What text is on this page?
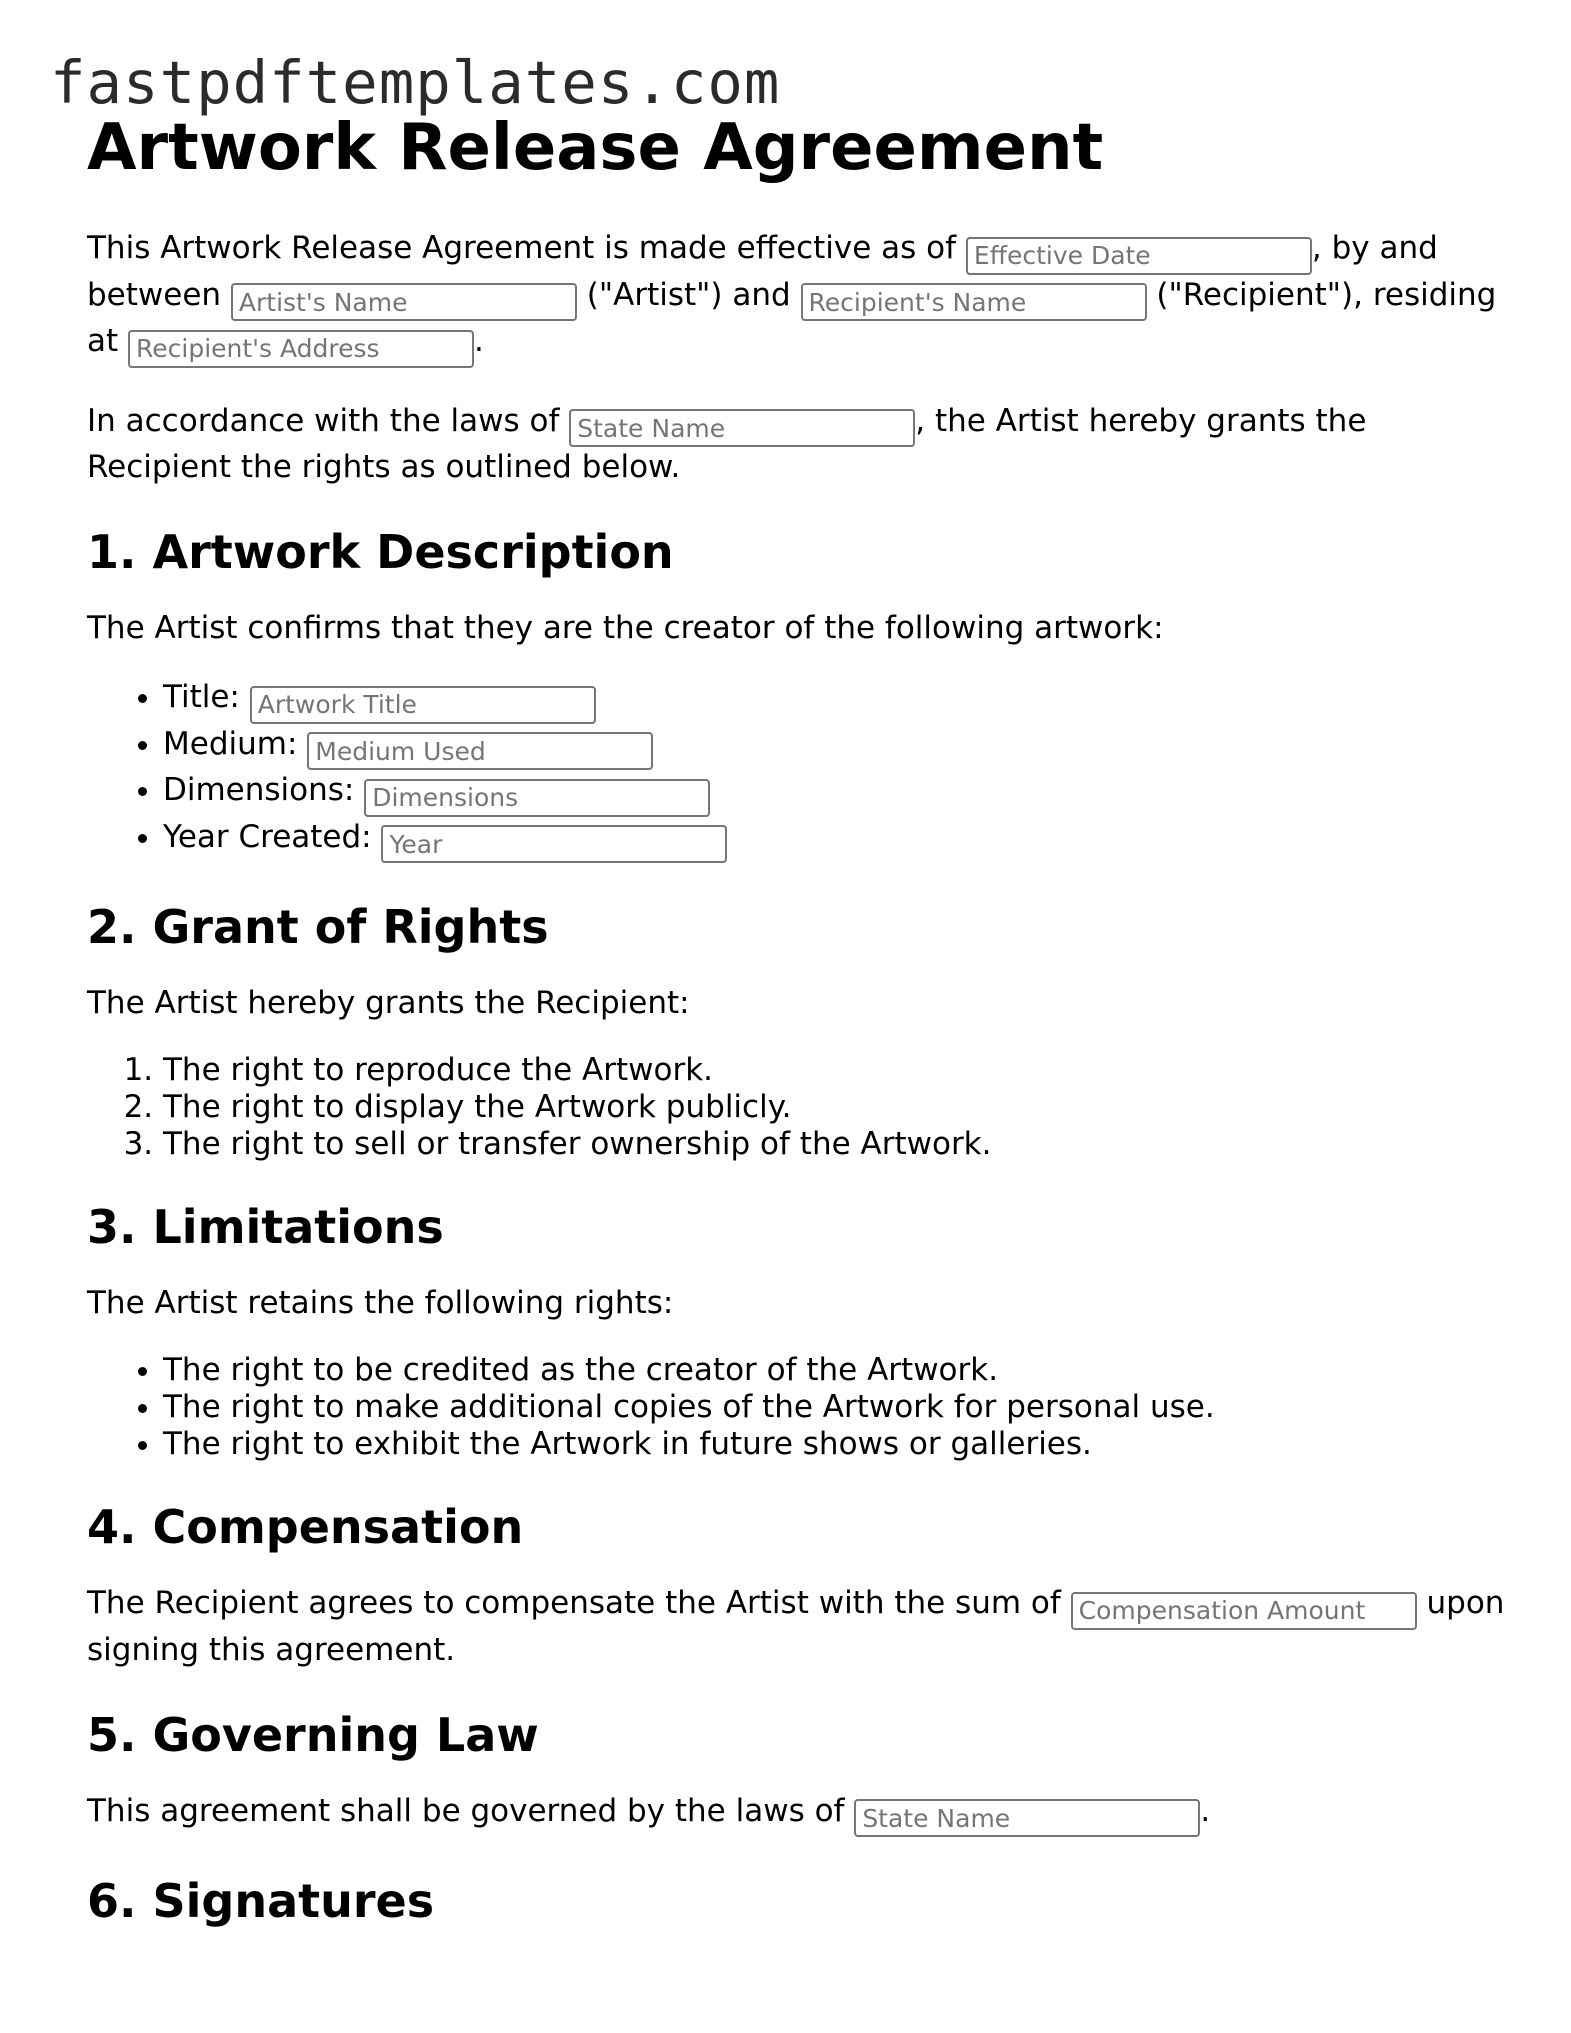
fastpdftemplates.com
Artwork Release Agreement

This Artwork Release Agreement is made effective as of Effective Date	, by and between Artist's Name	("Artist") and Recipient's Name	("Recipient"), residing at Recipient's Address	.

In accordance with the laws of State Name	, the Artist hereby grants the Recipient the rights as outlined below.

1. Artwork Description

The Artist confirms that they are the creator of the following artwork:

• Title: Artwork Title
• Medium: Medium Used
• Dimensions: Dimensions
• Year Created: Year
2. Grant of Rights

The Artist hereby grants the Recipient:

1. The right to reproduce the Artwork.
2. The right to display the Artwork publicly.
3. The right to sell or transfer ownership of the Artwork.
3. Limitations

The Artist retains the following rights:

• The right to be credited as the creator of the Artwork.
• The right to make additional copies of the Artwork for personal use.
• The right to exhibit the Artwork in future shows or galleries.
4. Compensation

The Recipient agrees to compensate the Artist with the sum of Compensation Amount	upon signing this agreement.

5. Governing Law

This agreement shall be governed by the laws of State Name	.

6. Signatures
